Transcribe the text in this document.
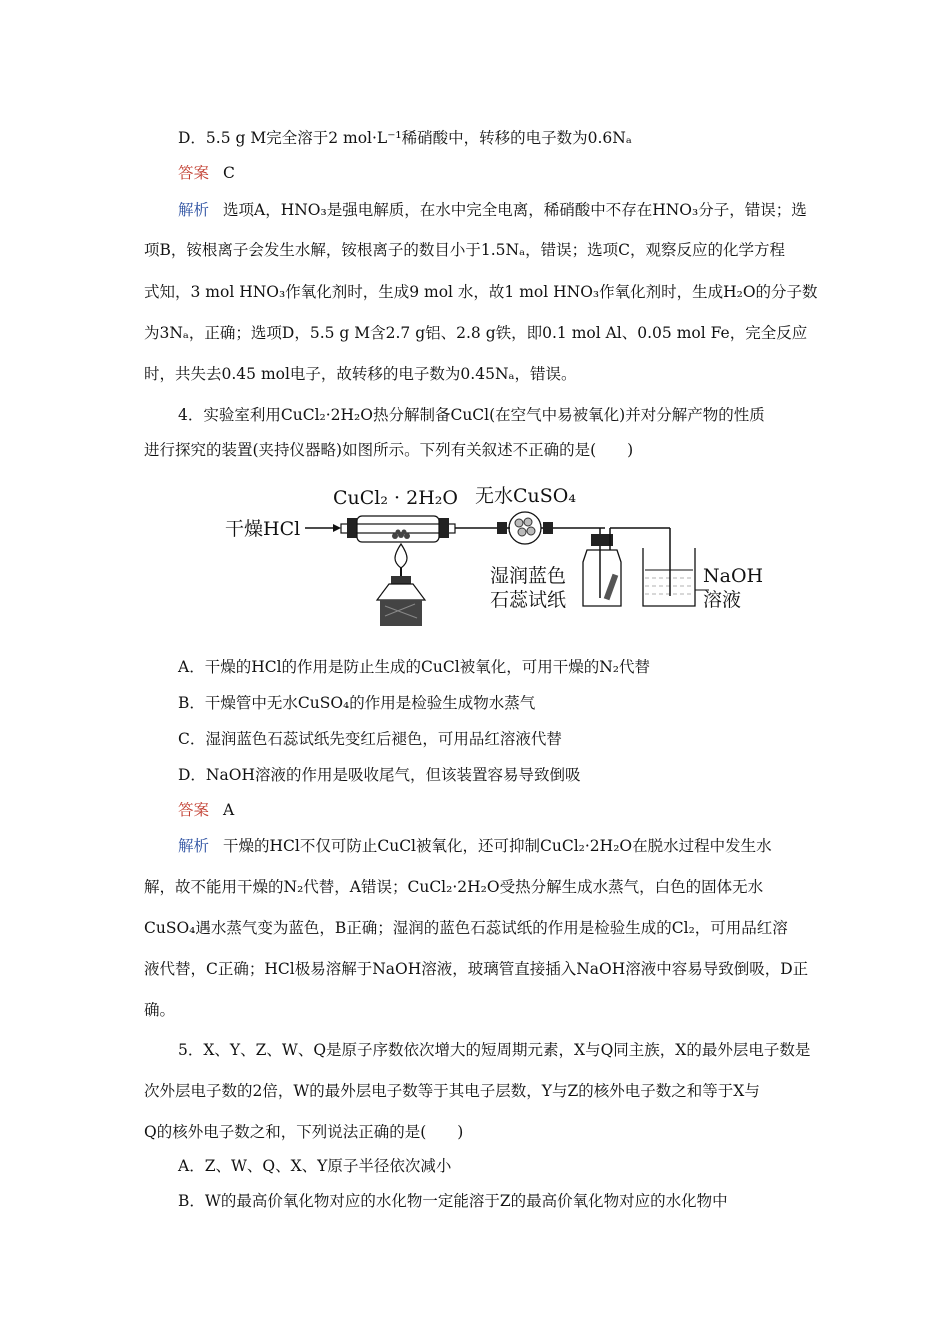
D．5.5 g M完全溶于2 mol·L⁻¹稀硝酸中，转移的电子数为0.6Nₐ
答案 C
解析 选项A，HNO₃是强电解质，在水中完全电离，稀硝酸中不存在HNO₃分子，错误；选
项B，铵根离子会发生水解，铵根离子的数目小于1.5Nₐ，错误；选项C，观察反应的化学方程
式知，3 mol HNO₃作氧化剂时，生成9 mol 水，故1 mol HNO₃作氧化剂时，生成H₂O的分子数
为3Nₐ，正确；选项D，5.5 g M含2.7 g铝、2.8 g铁，即0.1 mol Al、0.05 mol Fe，完全反应
时，共失去0.45 mol电子，故转移的电子数为0.45Nₐ，错误。
4．实验室利用CuCl₂·2H₂O热分解制备CuCl(在空气中易被氧化)并对分解产物的性质
进行探究的装置(夹持仪器略)如图所示。下列有关叙述不正确的是(　　)
CuCl₂ · 2H₂O 无水CuSO₄
干燥HCl
湿润蓝色
石蕊试纸
NaOH
溶液
A．干燥的HCl的作用是防止生成的CuCl被氧化，可用干燥的N₂代替
B．干燥管中无水CuSO₄的作用是检验生成物水蒸气
C．湿润蓝色石蕊试纸先变红后褪色，可用品红溶液代替
D．NaOH溶液的作用是吸收尾气，但该装置容易导致倒吸
答案 A
解析 干燥的HCl不仅可防止CuCl被氧化，还可抑制CuCl₂·2H₂O在脱水过程中发生水
解，故不能用干燥的N₂代替，A错误；CuCl₂·2H₂O受热分解生成水蒸气，白色的固体无水
CuSO₄遇水蒸气变为蓝色，B正确；湿润的蓝色石蕊试纸的作用是检验生成的Cl₂，可用品红溶
液代替，C正确；HCl极易溶解于NaOH溶液，玻璃管直接插入NaOH溶液中容易导致倒吸，D正
确。
5．X、Y、Z、W、Q是原子序数依次增大的短周期元素，X与Q同主族，X的最外层电子数是
次外层电子数的2倍，W的最外层电子数等于其电子层数，Y与Z的核外电子数之和等于X与
Q的核外电子数之和，下列说法正确的是(　　)
A．Z、W、Q、X、Y原子半径依次减小
B．W的最高价氧化物对应的水化物一定能溶于Z的最高价氧化物对应的水化物中
